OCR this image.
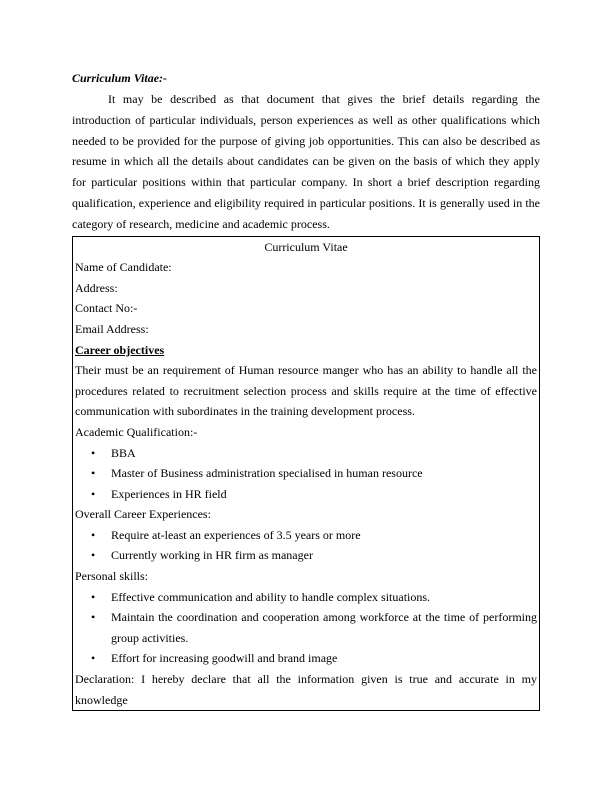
Curriculum Vitae:-

It may be described as that document that gives the brief details regarding the introduction of particular individuals, person experiences as well as other qualifications which needed to be provided for the purpose of giving job opportunities. This can also be described as resume in which all the details about candidates can be given on the basis of which they apply for particular positions within that particular company. In short a brief description regarding qualification, experience and eligibility required in particular positions. It is generally used in the category of research, medicine and academic process.

Curriculum Vitae
Name of Candidate:
Address:
Contact No:-
Email Address:
Career objectives

Their must be an requirement of Human resource manger who has an ability to handle all the procedures related to recruitment selection process and skills require at the time of effective communication with subordinates in the training development process.

Academic Qualification:-
• BBA
• Master of Business administration specialised in human resource
• Experiences in HR field
Overall Career Experiences:
• Require at-least an experiences of 3.5 years or more
• Currently working in HR firm as manager
Personal skills:
• Effective communication and ability to handle complex situations.
• Maintain the coordination and cooperation among workforce at the time of performing group activities.
• Effort for increasing goodwill and brand image

Declaration: I hereby declare that all the information given is true and accurate in my knowledge
